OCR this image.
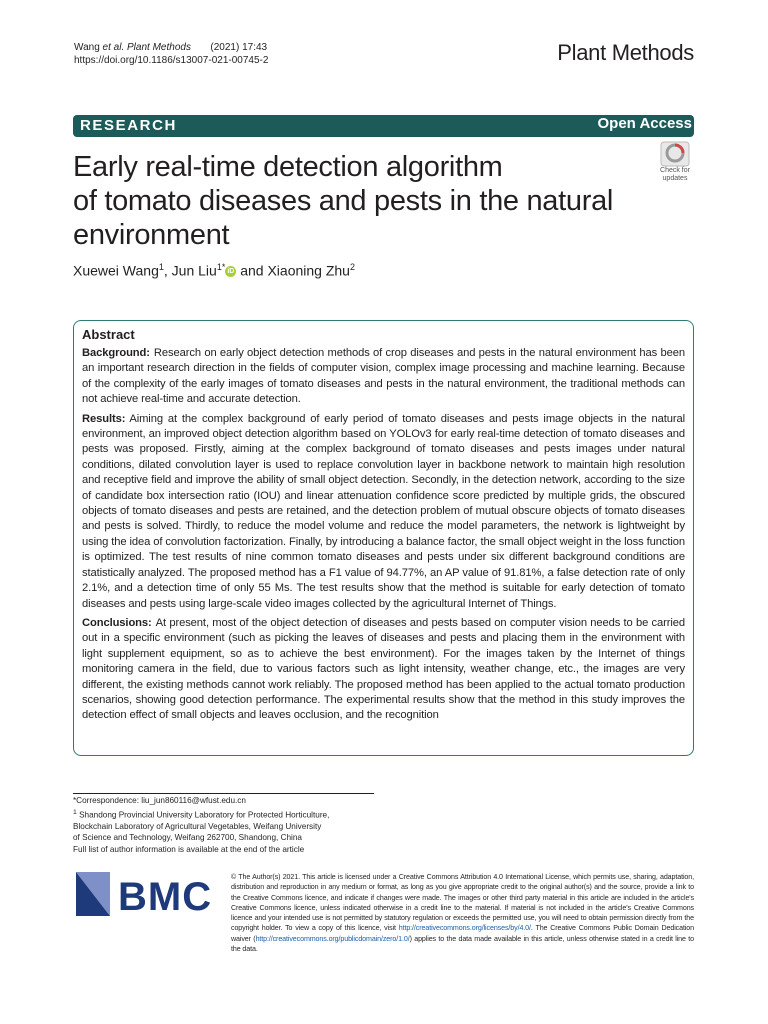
Wang et al. Plant Methods (2021) 17:43
https://doi.org/10.1186/s13007-021-00745-2	Plant Methods
RESEARCH	Open Access
Early real-time detection algorithm
of tomato diseases and pests in the natural
environment
Check for
updates
Xuewei Wang$^1$, Jun Liu$^{1*}$ iD and Xiaoning Zhu$^2$
Abstract

Background: Research on early object detection methods of crop diseases and pests in the natural environment has been an important research direction in the fields of computer vision, complex image processing and machine learning. Because of the complexity of the early images of tomato diseases and pests in the natural environment, the traditional methods can not achieve real-time and accurate detection.

Results: Aiming at the complex background of early period of tomato diseases and pests image objects in the natural environment, an improved object detection algorithm based on YOLOv3 for early real-time detection of tomato diseases and pests was proposed. Firstly, aiming at the complex background of tomato diseases and pests images under natural conditions, dilated convolution layer is used to replace convolution layer in backbone network to maintain high resolution and receptive field and improve the ability of small object detection. Secondly, in the detection network, according to the size of candidate box intersection ratio (IOU) and linear attenuation confidence score predicted by multiple grids, the obscured objects of tomato diseases and pests are retained, and the detection problem of mutual obscure objects of tomato diseases and pests is solved. Thirdly, to reduce the model volume and reduce the model parameters, the network is lightweight by using the idea of convolution factorization. Finally, by introducing a balance factor, the small object weight in the loss function is optimized. The test results of nine common tomato diseases and pests under six different background conditions are statistically analyzed. The proposed method has a F1 value of 94.77%, an AP value of 91.81%, a false detection rate of only 2.1%, and a detection time of only 55 Ms. The test results show that the method is suitable for early detection of tomato diseases and pests using large-scale video images collected by the agricultural Internet of Things.

Conclusions: At present, most of the object detection of diseases and pests based on computer vision needs to be carried out in a specific environment (such as picking the leaves of diseases and pests and placing them in the environment with light supplement equipment, so as to achieve the best environment). For the images taken by the Internet of things monitoring camera in the field, due to various factors such as light intensity, weather change, etc., the images are very different, the existing methods cannot work reliably. The proposed method has been applied to the actual tomato production scenarios, showing good detection performance. The experimental results show that the method in this study improves the detection effect of small objects and leaves occlusion, and the recognition

*Correspondence: liu_jun860116@wfust.edu.cn
$^1$ Shandong Provincial University Laboratory for Protected Horticulture,
Blockchain Laboratory of Agricultural Vegetables, Weifang University
of Science and Technology, Weifang 262700, Shandong, China
Full list of author information is available at the end of the article
BMC	© The Author(s) 2021. This article is licensed under a Creative Commons Attribution 4.0 International License, which permits use, sharing, adaptation, distribution and reproduction in any medium or format, as long as you give appropriate credit to the original author(s) and the source, provide a link to the Creative Commons licence, and indicate if changes were made. The images or other third party material in this article are included in the article's Creative Commons licence, unless indicated otherwise in a credit line to the material. If material is not included in the article's Creative Commons licence and your intended use is not permitted by statutory regulation or exceeds the permitted use, you will need to obtain permission directly from the copyright holder. To view a copy of this licence, visit http://creativecommons.org/licenses/by/4.0/. The Creative Commons Public Domain Dedication waiver (http://creativecommons.org/publicdomain/zero/1.0/) applies to the data made available in this article, unless otherwise stated in a credit line to the data.
